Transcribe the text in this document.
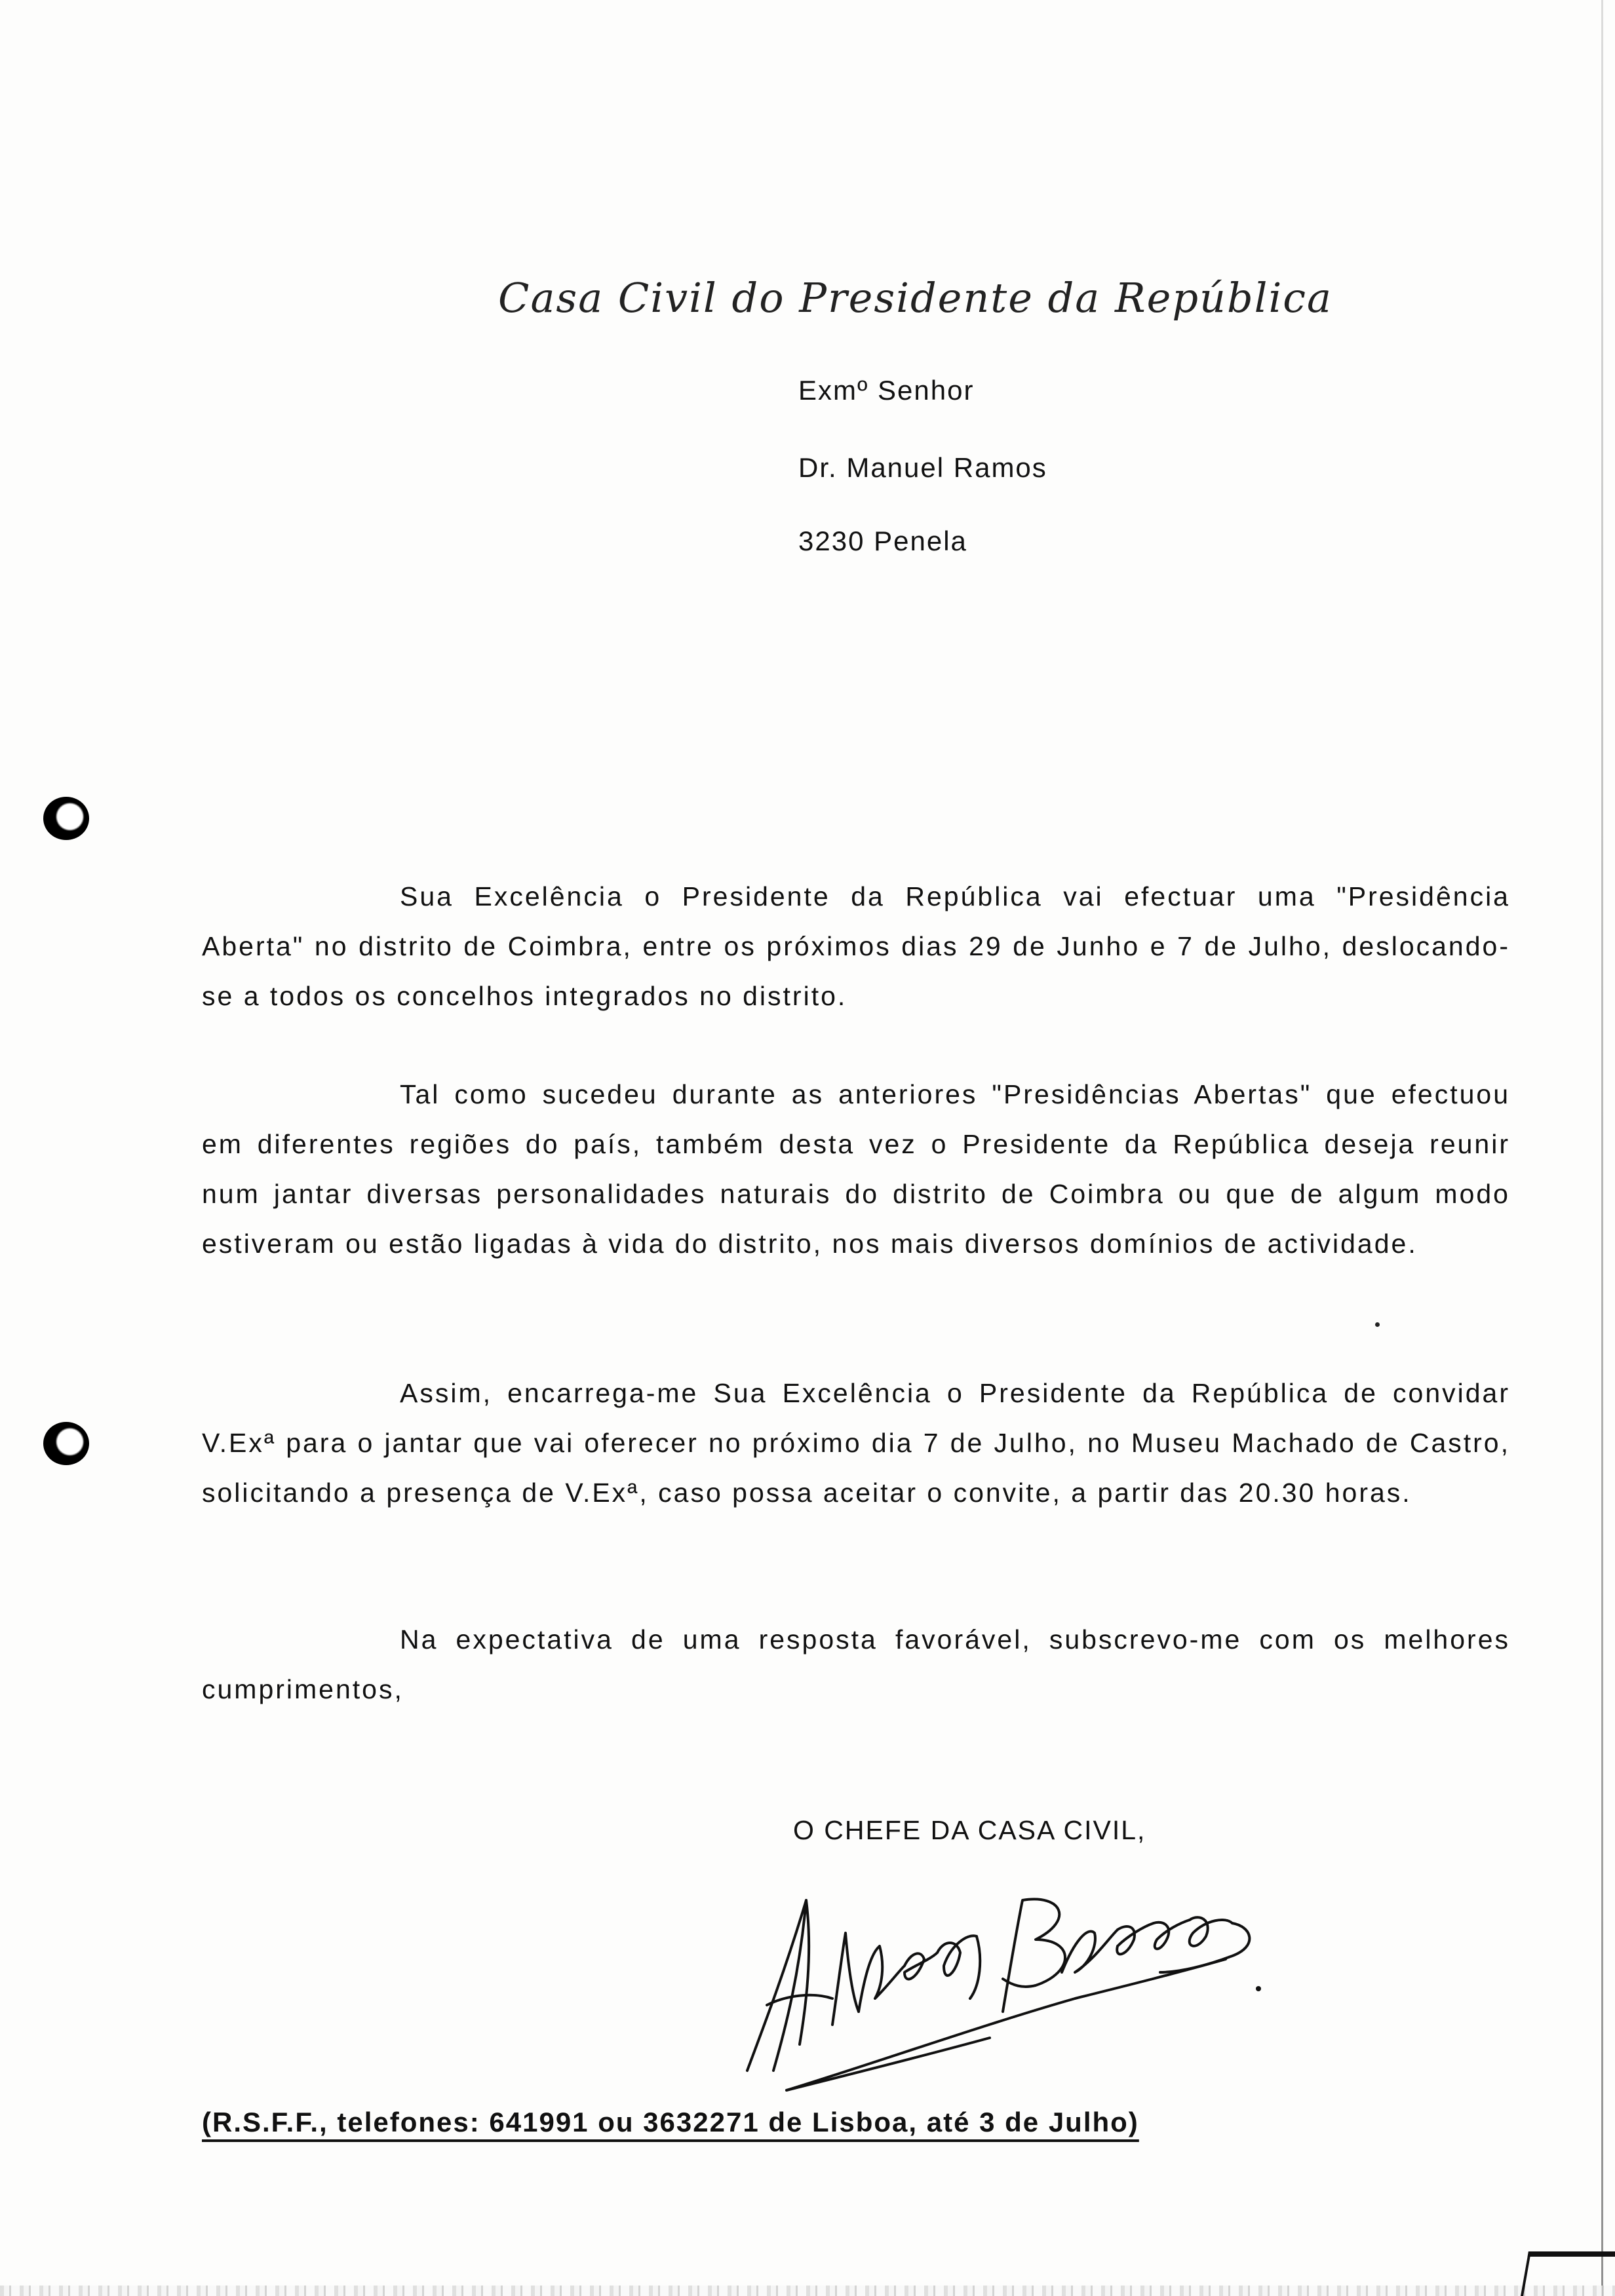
Casa Civil do Presidente da República
Exmº Senhor
Dr. Manuel Ramos
3230 Penela

Sua Excelência o Presidente da República vai efectuar uma "Presidência Aberta" no distrito de Coimbra, entre os próximos dias 29 de Junho e 7 de Julho, deslocando-se a todos os concelhos integrados no distrito.

Tal como sucedeu durante as anteriores "Presidências Abertas" que efectuou em diferentes regiões do país, também desta vez o Presidente da República deseja reunir num jantar diversas personalidades naturais do distrito de Coimbra ou que de algum modo estiveram ou estão ligadas à vida do distrito, nos mais diversos domínios de actividade.

Assim, encarrega-me Sua Excelência o Presidente da República de convidar V.Exª para o jantar que vai oferecer no próximo dia 7 de Julho, no Museu Machado de Castro, solicitando a presença de V.Exª, caso possa aceitar o convite, a partir das 20.30 horas.

Na expectativa de uma resposta favorável, subscrevo-me com os melhores cumprimentos,

O CHEFE DA CASA CIVIL,
(R.S.F.F., telefones: 641991 ou 3632271 de Lisboa, até 3 de Julho)
